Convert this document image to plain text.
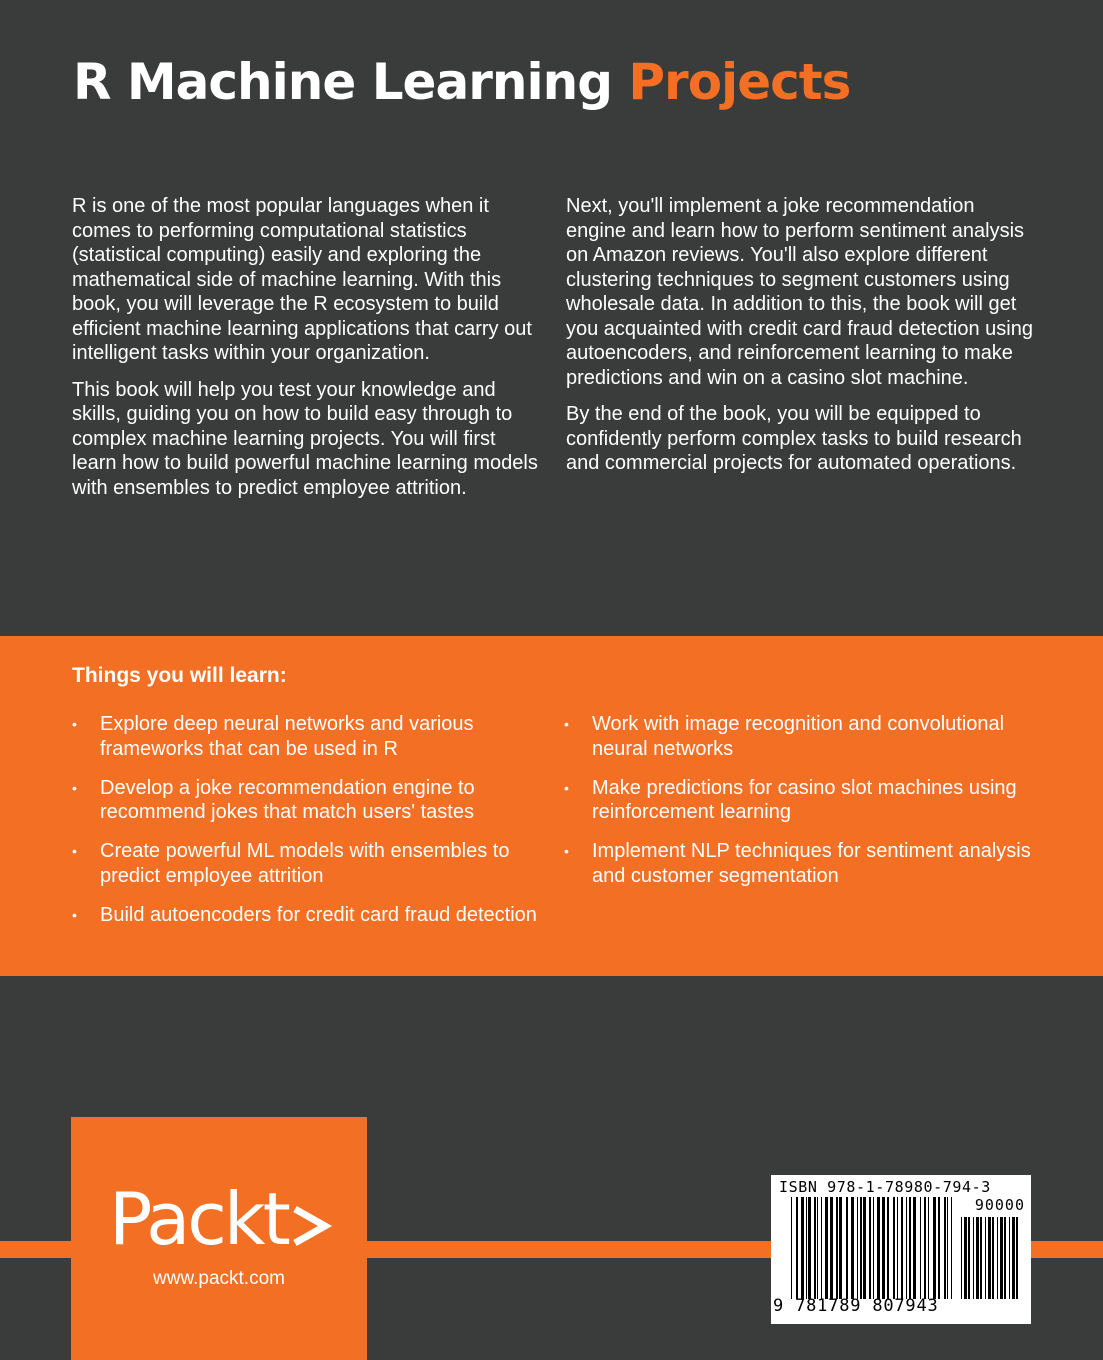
R Machine Learning Projects

R is one of the most popular languages when it comes to performing computational statistics (statistical computing) easily and exploring the mathematical side of machine learning. With this book, you will leverage the R ecosystem to build efficient machine learning applications that carry out intelligent tasks within your organization.

This book will help you test your knowledge and skills, guiding you on how to build easy through to complex machine learning projects. You will first learn how to build powerful machine learning models with ensembles to predict employee attrition.

Next, you'll implement a joke recommendation engine and learn how to perform sentiment analysis on Amazon reviews. You'll also explore different clustering techniques to segment customers using wholesale data. In addition to this, the book will get you acquainted with credit card fraud detection using autoencoders, and reinforcement learning to make predictions and win on a casino slot machine.

By the end of the book, you will be equipped to confidently perform complex tasks to build research and commercial projects for automated operations.

Things you will learn:
• Explore deep neural networks and various frameworks that can be used in R
• Develop a joke recommendation engine to recommend jokes that match users' tastes
• Create powerful ML models with ensembles to predict employee attrition
• Build autoencoders for credit card fraud detection
• Work with image recognition and convolutional neural networks
• Make predictions for casino slot machines using reinforcement learning
• Implement NLP techniques for sentiment analysis and customer segmentation

Packt

www.packt.com

ISBN 978-1-78980-794-3

90000

9 781789 807943
